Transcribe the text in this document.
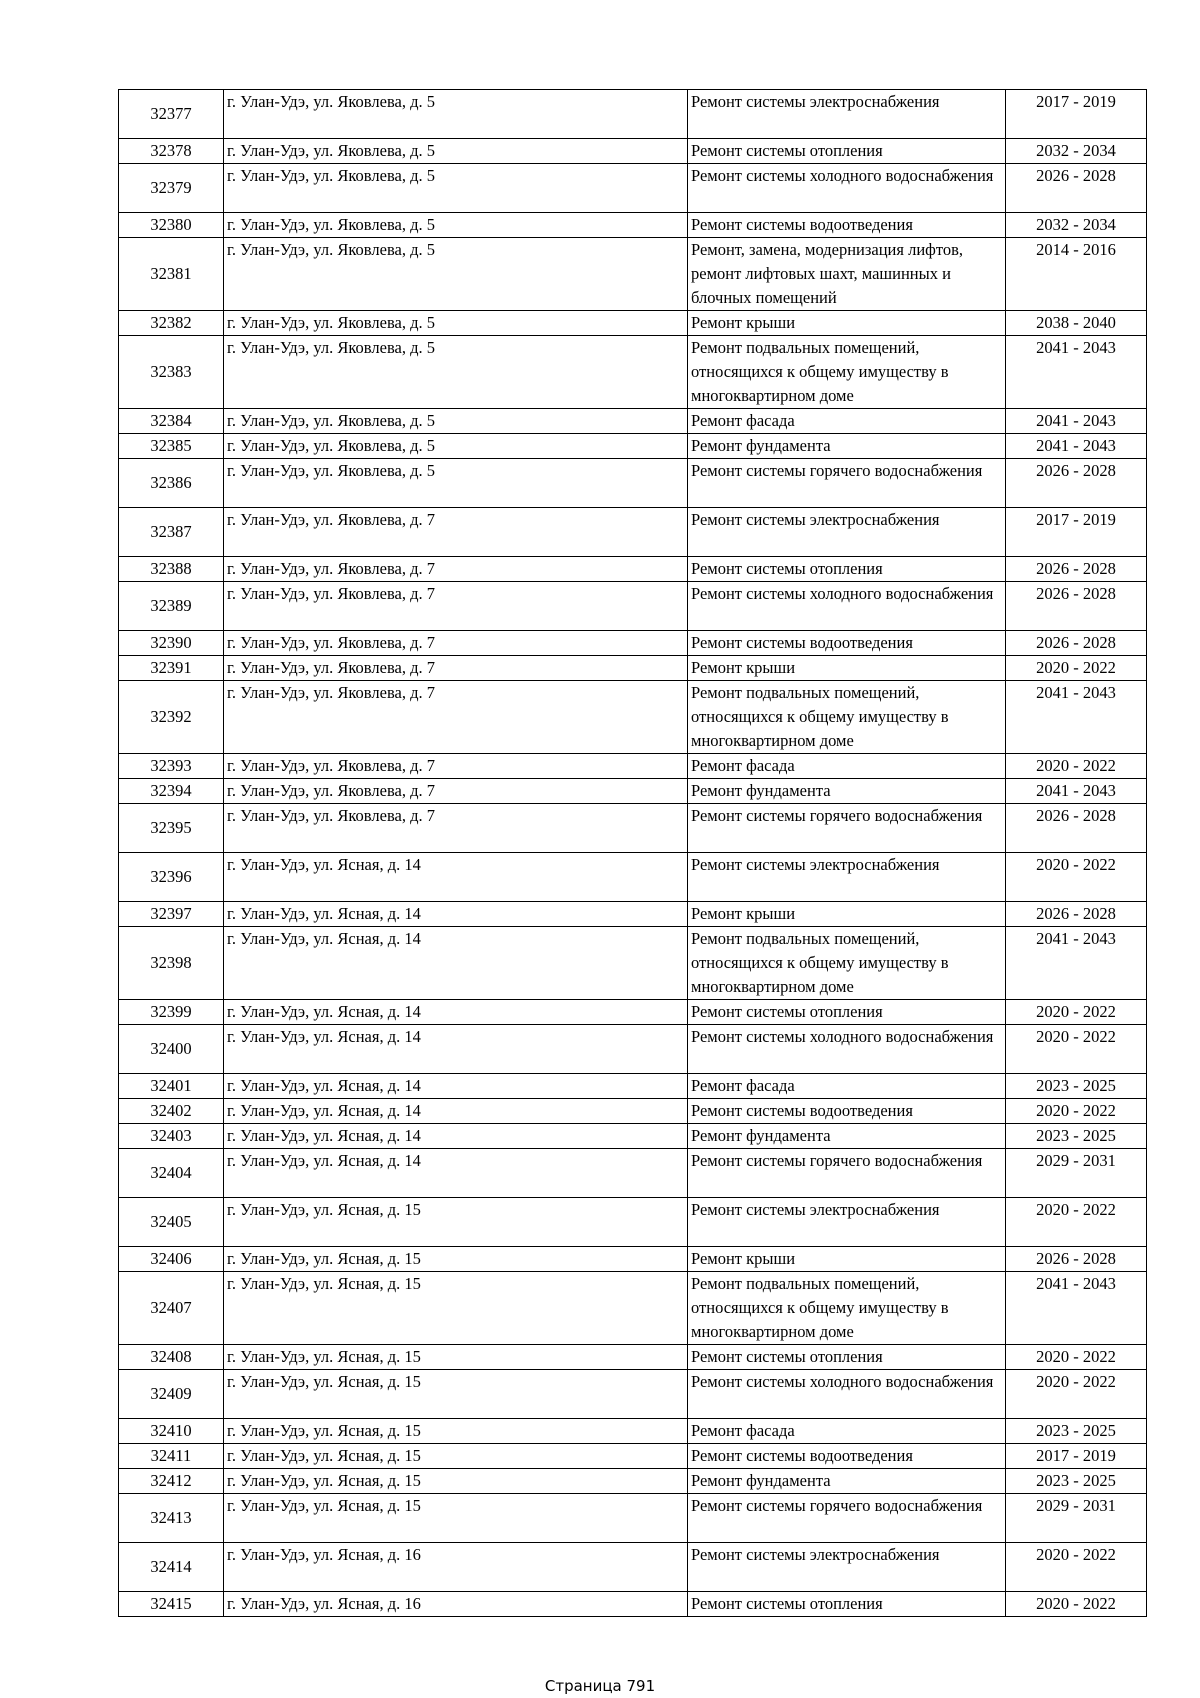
32377	г. Улан-Удэ, ул. Яковлева, д. 5	Ремонт системы электроснабжения	2017 - 2019
32378	г. Улан-Удэ, ул. Яковлева, д. 5	Ремонт системы отопления	2032 - 2034
32379	г. Улан-Удэ, ул. Яковлева, д. 5	Ремонт системы холодного водоснабжения	2026 - 2028
32380	г. Улан-Удэ, ул. Яковлева, д. 5	Ремонт системы водоотведения	2032 - 2034
32381	г. Улан-Удэ, ул. Яковлева, д. 5	Ремонт, замена, модернизация лифтов, ремонт лифтовых шахт, машинных и блочных помещений	2014 - 2016
32382	г. Улан-Удэ, ул. Яковлева, д. 5	Ремонт крыши	2038 - 2040
32383	г. Улан-Удэ, ул. Яковлева, д. 5	Ремонт подвальных помещений, относящихся к общему имуществу в многоквартирном доме	2041 - 2043
32384	г. Улан-Удэ, ул. Яковлева, д. 5	Ремонт фасада	2041 - 2043
32385	г. Улан-Удэ, ул. Яковлева, д. 5	Ремонт фундамента	2041 - 2043
32386	г. Улан-Удэ, ул. Яковлева, д. 5	Ремонт системы горячего водоснабжения	2026 - 2028
32387	г. Улан-Удэ, ул. Яковлева, д. 7	Ремонт системы электроснабжения	2017 - 2019
32388	г. Улан-Удэ, ул. Яковлева, д. 7	Ремонт системы отопления	2026 - 2028
32389	г. Улан-Удэ, ул. Яковлева, д. 7	Ремонт системы холодного водоснабжения	2026 - 2028
32390	г. Улан-Удэ, ул. Яковлева, д. 7	Ремонт системы водоотведения	2026 - 2028
32391	г. Улан-Удэ, ул. Яковлева, д. 7	Ремонт крыши	2020 - 2022
32392	г. Улан-Удэ, ул. Яковлева, д. 7	Ремонт подвальных помещений, относящихся к общему имуществу в многоквартирном доме	2041 - 2043
32393	г. Улан-Удэ, ул. Яковлева, д. 7	Ремонт фасада	2020 - 2022
32394	г. Улан-Удэ, ул. Яковлева, д. 7	Ремонт фундамента	2041 - 2043
32395	г. Улан-Удэ, ул. Яковлева, д. 7	Ремонт системы горячего водоснабжения	2026 - 2028
32396	г. Улан-Удэ, ул. Ясная, д. 14	Ремонт системы электроснабжения	2020 - 2022
32397	г. Улан-Удэ, ул. Ясная, д. 14	Ремонт крыши	2026 - 2028
32398	г. Улан-Удэ, ул. Ясная, д. 14	Ремонт подвальных помещений, относящихся к общему имуществу в многоквартирном доме	2041 - 2043
32399	г. Улан-Удэ, ул. Ясная, д. 14	Ремонт системы отопления	2020 - 2022
32400	г. Улан-Удэ, ул. Ясная, д. 14	Ремонт системы холодного водоснабжения	2020 - 2022
32401	г. Улан-Удэ, ул. Ясная, д. 14	Ремонт фасада	2023 - 2025
32402	г. Улан-Удэ, ул. Ясная, д. 14	Ремонт системы водоотведения	2020 - 2022
32403	г. Улан-Удэ, ул. Ясная, д. 14	Ремонт фундамента	2023 - 2025
32404	г. Улан-Удэ, ул. Ясная, д. 14	Ремонт системы горячего водоснабжения	2029 - 2031
32405	г. Улан-Удэ, ул. Ясная, д. 15	Ремонт системы электроснабжения	2020 - 2022
32406	г. Улан-Удэ, ул. Ясная, д. 15	Ремонт крыши	2026 - 2028
32407	г. Улан-Удэ, ул. Ясная, д. 15	Ремонт подвальных помещений, относящихся к общему имуществу в многоквартирном доме	2041 - 2043
32408	г. Улан-Удэ, ул. Ясная, д. 15	Ремонт системы отопления	2020 - 2022
32409	г. Улан-Удэ, ул. Ясная, д. 15	Ремонт системы холодного водоснабжения	2020 - 2022
32410	г. Улан-Удэ, ул. Ясная, д. 15	Ремонт фасада	2023 - 2025
32411	г. Улан-Удэ, ул. Ясная, д. 15	Ремонт системы водоотведения	2017 - 2019
32412	г. Улан-Удэ, ул. Ясная, д. 15	Ремонт фундамента	2023 - 2025
32413	г. Улан-Удэ, ул. Ясная, д. 15	Ремонт системы горячего водоснабжения	2029 - 2031
32414	г. Улан-Удэ, ул. Ясная, д. 16	Ремонт системы электроснабжения	2020 - 2022
32415	г. Улан-Удэ, ул. Ясная, д. 16	Ремонт системы отопления	2020 - 2022
Страница 791
